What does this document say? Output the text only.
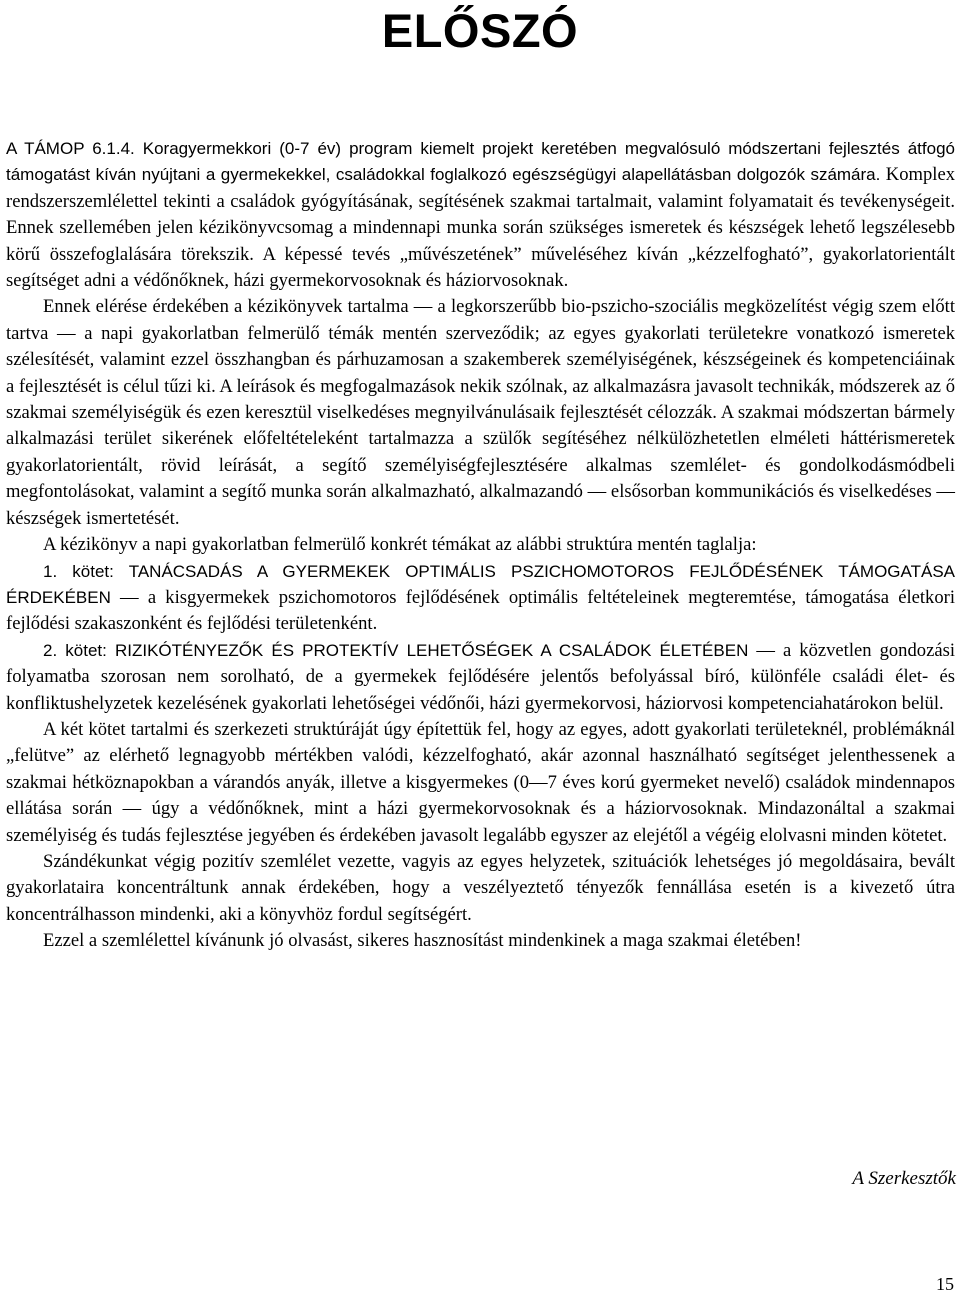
ELŐSZÓ

A TÁMOP 6.1.4. Koragyermekkori (0-7 év) program kiemelt projekt keretében megvalósuló módszertani fejlesztés átfogó támogatást kíván nyújtani a gyermekekkel, családokkal foglalkozó egészségügyi alapellátásban dolgozók számára. Komplex rendszerszemlélettel tekinti a családok gyógyításának, segítésének szakmai tartalmait, valamint folyamatait és tevékenységeit. Ennek szellemében jelen kézikönyvcsomag a mindennapi munka során szükséges ismeretek és készségek lehető legszélesebb körű összefoglalására törekszik. A képessé tevés „művészetének” műveléséhez kíván „kézzelfogható”, gyakorlatorientált segítséget adni a védőnőknek, házi gyermekorvosoknak és háziorvosoknak.

Ennek elérése érdekében a kézikönyvek tartalma — a legkorszerűbb bio-pszicho-szociális megközelítést végig szem előtt tartva — a napi gyakorlatban felmerülő témák mentén szerveződik; az egyes gyakorlati területekre vonatkozó ismeretek szélesítését, valamint ezzel összhangban és párhuzamosan a szakemberek személyiségének, készségeinek és kompetenciáinak a fejlesztését is célul tűzi ki. A leírások és megfogalmazások nekik szólnak, az alkalmazásra javasolt technikák, módszerek az ő szakmai személyiségük és ezen keresztül viselkedéses megnyilvánulásaik fejlesztését célozzák. A szakmai módszertan bármely alkalmazási terület sikerének előfeltételeként tartalmazza a szülők segítéséhez nélkülözhetetlen elméleti háttérismeretek gyakorlatorientált, rövid leírását, a segítő személyiségfejlesztésére alkalmas szemlélet- és gondolkodásmódbeli megfontolásokat, valamint a segítő munka során alkalmazható, alkalmazandó — elsősorban kommunikációs és viselkedéses — készségek ismertetését.

A kézikönyv a napi gyakorlatban felmerülő konkrét témákat az alábbi struktúra mentén taglalja:

1. kötet: TANÁCSADÁS A GYERMEKEK OPTIMÁLIS PSZICHOMOTOROS FEJLŐDÉSÉNEK TÁMOGATÁSA ÉRDEKÉBEN — a kisgyermekek pszichomotoros fejlődésének optimális feltételeinek megteremtése, támogatása életkori fejlődési szakaszonként és fejlődési területenként.

2. kötet: RIZIKÓTÉNYEZŐK ÉS PROTEKTÍV LEHETŐSÉGEK A CSALÁDOK ÉLETÉBEN — a közvetlen gondozási folyamatba szorosan nem sorolható, de a gyermekek fejlődésére jelentős befolyással bíró, különféle családi élet- és konfliktushelyzetek kezelésének gyakorlati lehetőségei védőnői, házi gyermekorvosi, háziorvosi kompetenciahatárokon belül.

A két kötet tartalmi és szerkezeti struktúráját úgy építettük fel, hogy az egyes, adott gyakorlati területeknél, problémáknál „felütve” az elérhető legnagyobb mértékben valódi, kézzelfogható, akár azonnal használható segítséget jelenthessenek a szakmai hétköznapokban a várandós anyák, illetve a kisgyermekes (0—7 éves korú gyermeket nevelő) családok mindennapos ellátása során — úgy a védőnőknek, mint a házi gyermekorvosoknak és a háziorvosoknak. Mindazonáltal a szakmai személyiség és tudás fejlesztése jegyében és érdekében javasolt legalább egyszer az elejétől a végéig elolvasni minden kötetet.

Szándékunkat végig pozitív szemlélet vezette, vagyis az egyes helyzetek, szituációk lehetséges jó megoldásaira, bevált gyakorlataira koncentráltunk annak érdekében, hogy a veszélyeztető tényezők fennállása esetén is a kivezető útra koncentrálhasson mindenki, aki a könyvhöz fordul segítségért.

Ezzel a szemlélettel kívánunk jó olvasást, sikeres hasznosítást mindenkinek a maga szakmai életében!

A Szerkesztők
15
